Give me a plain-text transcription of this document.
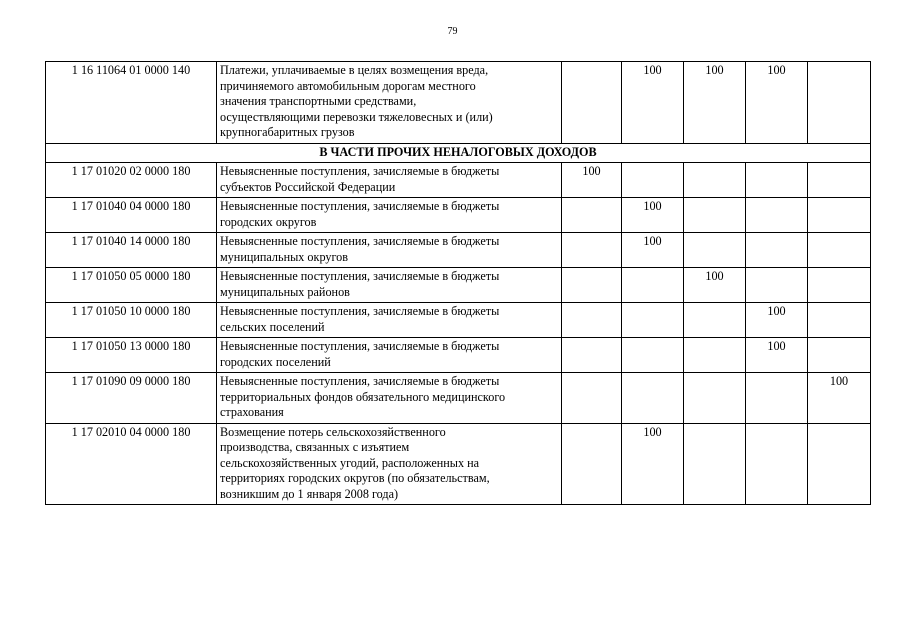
79
1 16 11064 01 0000 140	Платежи, уплачиваемые в целях возмещения вреда,
причиняемого автомобильным дорогам местного
значения транспортными средствами,
осуществляющими перевозки тяжеловесных и (или)
крупногабаритных грузов		100	100	100	
В ЧАСТИ ПРОЧИХ НЕНАЛОГОВЫХ ДОХОДОВ						
1 17 01020 02 0000 180	Невыясненные поступления, зачисляемые в бюджеты
субъектов Российской Федерации	100				
1 17 01040 04 0000 180	Невыясненные поступления, зачисляемые в бюджеты
городских округов		100			
1 17 01040 14 0000 180	Невыясненные поступления, зачисляемые в бюджеты
муниципальных округов		100			
1 17 01050 05 0000 180	Невыясненные поступления, зачисляемые в бюджеты
муниципальных районов			100		
1 17 01050 10 0000 180	Невыясненные поступления, зачисляемые в бюджеты
сельских поселений				100	
1 17 01050 13 0000 180	Невыясненные поступления, зачисляемые в бюджеты
городских поселений				100	
1 17 01090 09 0000 180	Невыясненные поступления, зачисляемые в бюджеты
территориальных фондов обязательного медицинского
страхования					100
1 17 02010 04 0000 180	Возмещение потерь сельскохозяйственного
производства, связанных с изъятием
сельскохозяйственных угодий, расположенных на
территориях городских округов (по обязательствам,
возникшим до 1 января 2008 года)		100			
